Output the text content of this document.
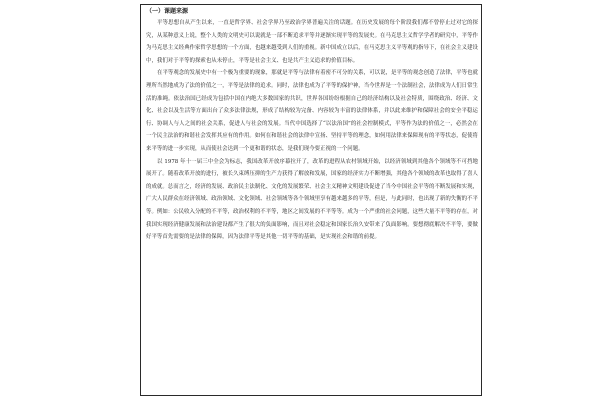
（一）课题来源

平等思想自从产生以来，一直是哲学界、社会学界乃至政治学界普遍关注的话题。在历史发展的每个阶段我们都不曾停止过对它的探究，从某种意义上说，整个人类的文明史可以说就是一部不断追求平等并逐渐实现平等的发展史。在马克思主义哲学学者的研究中，平等作为马克思主义经典作家哲学思想的一个方面，也越来越受到人们的重视。新中国成立以后，在马克思主义平等观的指导下，在社会主义建设中，我们对于平等的探索也从未停止，平等是社会主义、也是共产主义追求的价值目标。

在平等观念的发展史中有一个极为重要的现象，那就是平等与法律有着密不可分的关系，可以说，是平等的观念创造了法律，平等也就理所当然地成为了法的价值之一，平等是法律的追求。同时，法律也成为了平等的保护神，当今世界是一个法制社会，法律成为人们日常生活的准绳。依法治国已经成为包括中国在内绝大多数国家的共识，世界各国纷纷根据自己的经济结构以及社会特质，围绕政治、经济、文化、社会以及生活等方面出台了众多法律法规，形成了结构较为完备、内容较为丰富的法律体系，并以此来维护和保障社会的安全平稳运行、协调人与人之间的社会关系，促进人与社会的发展。当代中国选择了“以法治国”的社会控制模式，平等作为法的价值之一，必然会在一个民主法治的和谐社会发挥其应有的作用。如何在和谐社会的法律中宣扬、坚持平等的理念，如何用法律来保障现有的平等状态，促使将来平等的进一步实现，从而使社会达到一个更和谐的状态，是我们现今要正视的一个问题。

以 1978 年十一届三中全会为标志，我国改革开放序幕拉开了，改革的进程从农村领域开始，以经济领域到其他各个领域等不可挡地展开了。随着改革开放的进行，被长久束缚压抑的生产力获得了解放和发展，国家的经济实力不断增强，其他各个领域的改革也取得了喜人的成就。总而言之，经济的发展、政治民主法制化、文化的发展繁荣、社会主义精神文明建设促进了当今中国社会平等的不断发展和实现，广大人民群众在经济领域、政治领域、文化领域、社会领域等各个领域里享有越来越多的平等，但是，与此同时，也出现了新的失衡的不平等。例如：公民收入分配的不平等，政治权利的不平等，地区之间发展的不平等等。成为一个严重的社会问题，这些大量不平等的存在，对我国实现经济健康发展和法治建设都产生了很大的负面影响，而且对社会稳定和国家长治久安带来了负面影响。要想彻底解决不平等，要做好平等首先需要的是法律的保障，因为法律平等是其他一切平等的基础，是实现社会和谐的前提。
